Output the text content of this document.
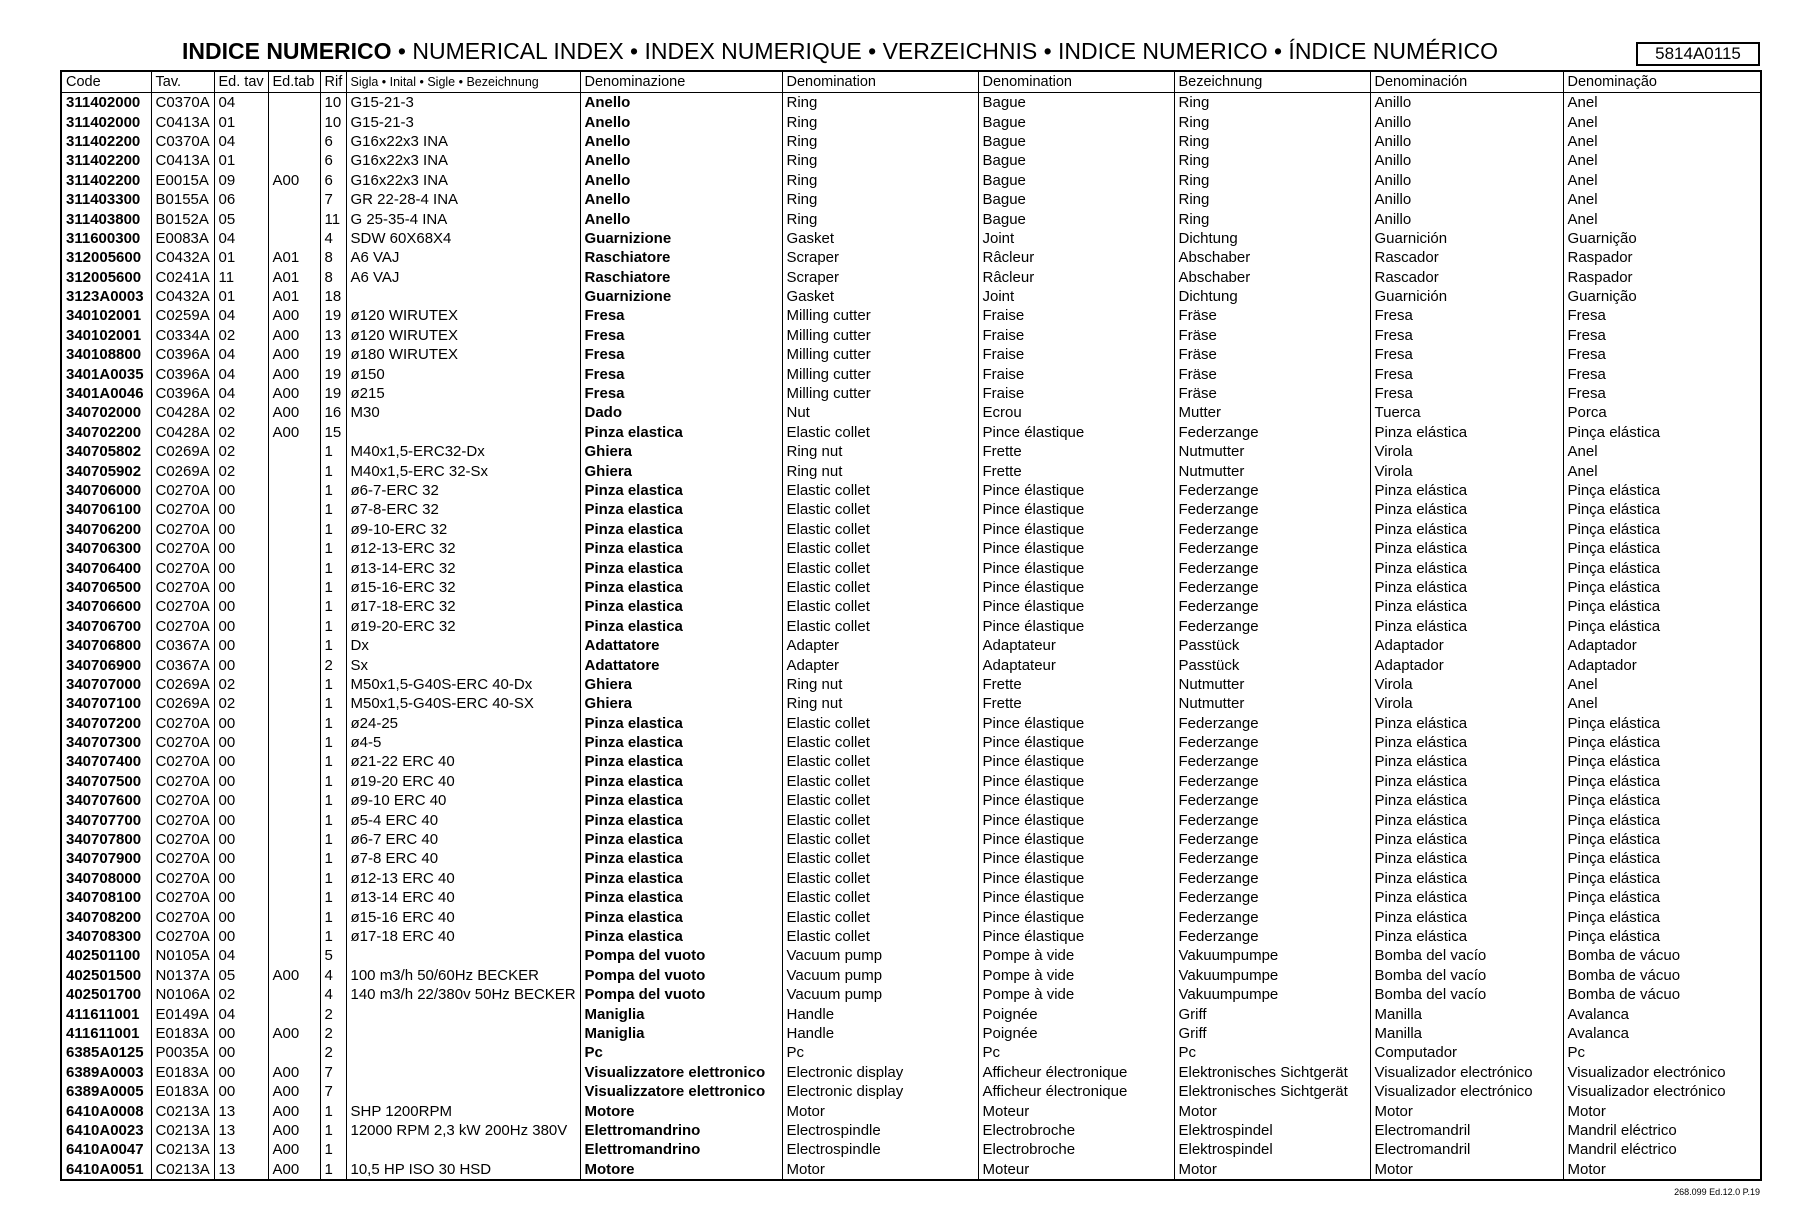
INDICE NUMERICO • NUMERICAL INDEX • INDEX NUMERIQUE • VERZEICHNIS • INDICE NUMERICO • ÍNDICE NUMÉRICO	5814A0115
Code	Tav.	Ed. tav	Ed.tab	Rif	Sigla • Inital • Sigle • Bezeichnung	Denominazione	Denomination	Denomination	Bezeichnung	Denominación	Denominação
311402000	C0370A	04		10	G15-21-3	Anello	Ring	Bague	Ring	Anillo	Anel
311402000	C0413A	01		10	G15-21-3	Anello	Ring	Bague	Ring	Anillo	Anel
311402200	C0370A	04		6	G16x22x3 INA	Anello	Ring	Bague	Ring	Anillo	Anel
311402200	C0413A	01		6	G16x22x3 INA	Anello	Ring	Bague	Ring	Anillo	Anel
311402200	E0015A	09	A00	6	G16x22x3 INA	Anello	Ring	Bague	Ring	Anillo	Anel
311403300	B0155A	06		7	GR 22-28-4 INA	Anello	Ring	Bague	Ring	Anillo	Anel
311403800	B0152A	05		11	G 25-35-4 INA	Anello	Ring	Bague	Ring	Anillo	Anel
311600300	E0083A	04		4	SDW 60X68X4	Guarnizione	Gasket	Joint	Dichtung	Guarnición	Guarnição
312005600	C0432A	01	A01	8	A6 VAJ	Raschiatore	Scraper	Râcleur	Abschaber	Rascador	Raspador
312005600	C0241A	11	A01	8	A6 VAJ	Raschiatore	Scraper	Râcleur	Abschaber	Rascador	Raspador
3123A0003	C0432A	01	A01	18		Guarnizione	Gasket	Joint	Dichtung	Guarnición	Guarnição
340102001	C0259A	04	A00	19	ø120 WIRUTEX	Fresa	Milling cutter	Fraise	Fräse	Fresa	Fresa
340102001	C0334A	02	A00	13	ø120 WIRUTEX	Fresa	Milling cutter	Fraise	Fräse	Fresa	Fresa
340108800	C0396A	04	A00	19	ø180 WIRUTEX	Fresa	Milling cutter	Fraise	Fräse	Fresa	Fresa
3401A0035	C0396A	04	A00	19	ø150	Fresa	Milling cutter	Fraise	Fräse	Fresa	Fresa
3401A0046	C0396A	04	A00	19	ø215	Fresa	Milling cutter	Fraise	Fräse	Fresa	Fresa
340702000	C0428A	02	A00	16	M30	Dado	Nut	Ecrou	Mutter	Tuerca	Porca
340702200	C0428A	02	A00	15		Pinza elastica	Elastic collet	Pince élastique	Federzange	Pinza elástica	Pinça elástica
340705802	C0269A	02		1	M40x1,5-ERC32-Dx	Ghiera	Ring nut	Frette	Nutmutter	Virola	Anel
340705902	C0269A	02		1	M40x1,5-ERC 32-Sx	Ghiera	Ring nut	Frette	Nutmutter	Virola	Anel
340706000	C0270A	00		1	ø6-7-ERC 32	Pinza elastica	Elastic collet	Pince élastique	Federzange	Pinza elástica	Pinça elástica
340706100	C0270A	00		1	ø7-8-ERC 32	Pinza elastica	Elastic collet	Pince élastique	Federzange	Pinza elástica	Pinça elástica
340706200	C0270A	00		1	ø9-10-ERC 32	Pinza elastica	Elastic collet	Pince élastique	Federzange	Pinza elástica	Pinça elástica
340706300	C0270A	00		1	ø12-13-ERC 32	Pinza elastica	Elastic collet	Pince élastique	Federzange	Pinza elástica	Pinça elástica
340706400	C0270A	00		1	ø13-14-ERC 32	Pinza elastica	Elastic collet	Pince élastique	Federzange	Pinza elástica	Pinça elástica
340706500	C0270A	00		1	ø15-16-ERC 32	Pinza elastica	Elastic collet	Pince élastique	Federzange	Pinza elástica	Pinça elástica
340706600	C0270A	00		1	ø17-18-ERC 32	Pinza elastica	Elastic collet	Pince élastique	Federzange	Pinza elástica	Pinça elástica
340706700	C0270A	00		1	ø19-20-ERC 32	Pinza elastica	Elastic collet	Pince élastique	Federzange	Pinza elástica	Pinça elástica
340706800	C0367A	00		1	Dx	Adattatore	Adapter	Adaptateur	Passtück	Adaptador	Adaptador
340706900	C0367A	00		2	Sx	Adattatore	Adapter	Adaptateur	Passtück	Adaptador	Adaptador
340707000	C0269A	02		1	M50x1,5-G40S-ERC 40-Dx	Ghiera	Ring nut	Frette	Nutmutter	Virola	Anel
340707100	C0269A	02		1	M50x1,5-G40S-ERC 40-SX	Ghiera	Ring nut	Frette	Nutmutter	Virola	Anel
340707200	C0270A	00		1	ø24-25	Pinza elastica	Elastic collet	Pince élastique	Federzange	Pinza elástica	Pinça elástica
340707300	C0270A	00		1	ø4-5	Pinza elastica	Elastic collet	Pince élastique	Federzange	Pinza elástica	Pinça elástica
340707400	C0270A	00		1	ø21-22 ERC 40	Pinza elastica	Elastic collet	Pince élastique	Federzange	Pinza elástica	Pinça elástica
340707500	C0270A	00		1	ø19-20 ERC 40	Pinza elastica	Elastic collet	Pince élastique	Federzange	Pinza elástica	Pinça elástica
340707600	C0270A	00		1	ø9-10 ERC 40	Pinza elastica	Elastic collet	Pince élastique	Federzange	Pinza elástica	Pinça elástica
340707700	C0270A	00		1	ø5-4 ERC 40	Pinza elastica	Elastic collet	Pince élastique	Federzange	Pinza elástica	Pinça elástica
340707800	C0270A	00		1	ø6-7 ERC 40	Pinza elastica	Elastic collet	Pince élastique	Federzange	Pinza elástica	Pinça elástica
340707900	C0270A	00		1	ø7-8 ERC 40	Pinza elastica	Elastic collet	Pince élastique	Federzange	Pinza elástica	Pinça elástica
340708000	C0270A	00		1	ø12-13 ERC 40	Pinza elastica	Elastic collet	Pince élastique	Federzange	Pinza elástica	Pinça elástica
340708100	C0270A	00		1	ø13-14 ERC 40	Pinza elastica	Elastic collet	Pince élastique	Federzange	Pinza elástica	Pinça elástica
340708200	C0270A	00		1	ø15-16 ERC 40	Pinza elastica	Elastic collet	Pince élastique	Federzange	Pinza elástica	Pinça elástica
340708300	C0270A	00		1	ø17-18 ERC 40	Pinza elastica	Elastic collet	Pince élastique	Federzange	Pinza elástica	Pinça elástica
402501100	N0105A	04		5		Pompa del vuoto	Vacuum pump	Pompe à vide	Vakuumpumpe	Bomba del vacío	Bomba de vácuo
402501500	N0137A	05	A00	4	100 m3/h 50/60Hz BECKER	Pompa del vuoto	Vacuum pump	Pompe à vide	Vakuumpumpe	Bomba del vacío	Bomba de vácuo
402501700	N0106A	02		4	140 m3/h 22/380v 50Hz BECKER	Pompa del vuoto	Vacuum pump	Pompe à vide	Vakuumpumpe	Bomba del vacío	Bomba de vácuo
411611001	E0149A	04		2		Maniglia	Handle	Poignée	Griff	Manilla	Avalanca
411611001	E0183A	00	A00	2		Maniglia	Handle	Poignée	Griff	Manilla	Avalanca
6385A0125	P0035A	00		2		Pc	Pc	Pc	Pc	Computador	Pc
6389A0003	E0183A	00	A00	7		Visualizzatore elettronico	Electronic display	Afficheur électronique	Elektronisches Sichtgerät	Visualizador electrónico	Visualizador electrónico
6389A0005	E0183A	00	A00	7		Visualizzatore elettronico	Electronic display	Afficheur électronique	Elektronisches Sichtgerät	Visualizador electrónico	Visualizador electrónico
6410A0008	C0213A	13	A00	1	SHP 1200RPM	Motore	Motor	Moteur	Motor	Motor	Motor
6410A0023	C0213A	13	A00	1	12000 RPM 2,3 kW 200Hz 380V	Elettromandrino	Electrospindle	Electrobroche	Elektrospindel	Electromandril	Mandril eléctrico
6410A0047	C0213A	13	A00	1		Elettromandrino	Electrospindle	Electrobroche	Elektrospindel	Electromandril	Mandril eléctrico
6410A0051	C0213A	13	A00	1	10,5 HP ISO 30 HSD	Motore	Motor	Moteur	Motor	Motor	Motor
268.099 Ed.12.0 P.19
